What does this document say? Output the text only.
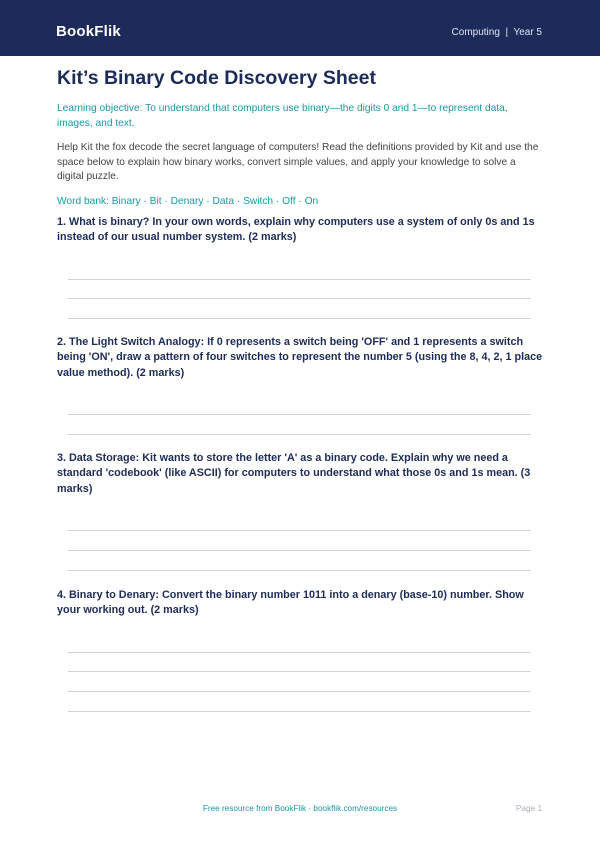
BookFlik	Computing | Year 5
Kit’s Binary Code Discovery Sheet

Learning objective: To understand that computers use binary—the digits 0 and 1—to represent data, images, and text.

Help Kit the fox decode the secret language of computers! Read the definitions provided by Kit and use the space below to explain how binary works, convert simple values, and apply your knowledge to solve a digital puzzle.

Word bank: Binary · Bit · Denary · Data · Switch · Off · On

1. What is binary? In your own words, explain why computers use a system of only 0s and 1s instead of our usual number system. (2 marks)

2. The Light Switch Analogy: If 0 represents a switch being 'OFF' and 1 represents a switch being 'ON', draw a pattern of four switches to represent the number 5 (using the 8, 4, 2, 1 place value method). (2 marks)

3. Data Storage: Kit wants to store the letter 'A' as a binary code. Explain why we need a standard 'codebook' (like ASCII) for computers to understand what those 0s and 1s mean. (3 marks)

4. Binary to Denary: Convert the binary number 1011 into a denary (base-10) number. Show your working out. (2 marks)

Free resource from BookFlik · bookflik.com/resources	Page 1
